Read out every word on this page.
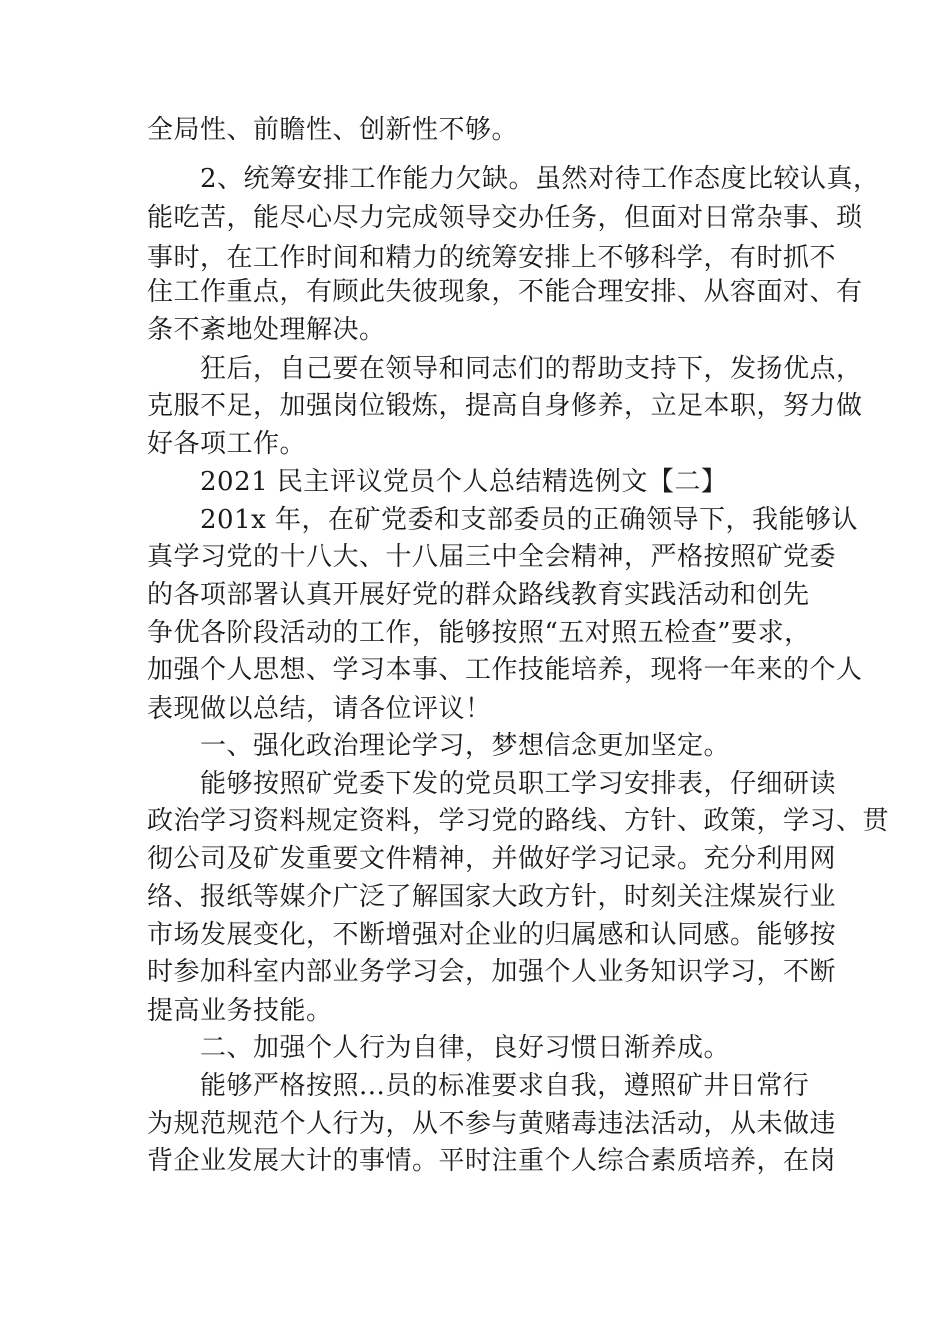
全局性、前瞻性、创新性不够。
2、统筹安排工作能力欠缺。虽然对待工作态度比较认真，
能吃苦，能尽心尽力完成领导交办任务，但面对日常杂事、琐
事时，在工作时间和精力的统筹安排上不够科学，有时抓不
住工作重点，有顾此失彼现象，不能合理安排、从容面对、有
条不紊地处理解决。
狂后，自己要在领导和同志们的帮助支持下，发扬优点，
克服不足，加强岗位锻炼，提高自身修养，立足本职，努力做
好各项工作。
2021 民主评议党员个人总结精选例文【二】
201x 年，在矿党委和支部委员的正确领导下，我能够认
真学习党的十八大、十八届三中全会精神，严格按照矿党委
的各项部署认真开展好党的群众路线教育实践活动和创先
争优各阶段活动的工作，能够按照“五对照五检查”要求，
加强个人思想、学习本事、工作技能培养，现将一年来的个人
表现做以总结，请各位评议！
一、强化政治理论学习，梦想信念更加坚定。
能够按照矿党委下发的党员职工学习安排表，仔细研读
政治学习资料规定资料，学习党的路线、方针、政策，学习、贯
彻公司及矿发重要文件精神，并做好学习记录。充分利用网
络、报纸等媒介广泛了解国家大政方针，时刻关注煤炭行业
市场发展变化，不断增强对企业的归属感和认同感。能够按
时参加科室内部业务学习会，加强个人业务知识学习，不断
提高业务技能。
二、加强个人行为自律，良好习惯日渐养成。
能够严格按照...员的标准要求自我，遵照矿井日常行
为规范规范个人行为，从不参与黄赌毒违法活动，从未做违
背企业发展大计的事情。平时注重个人综合素质培养，在岗
